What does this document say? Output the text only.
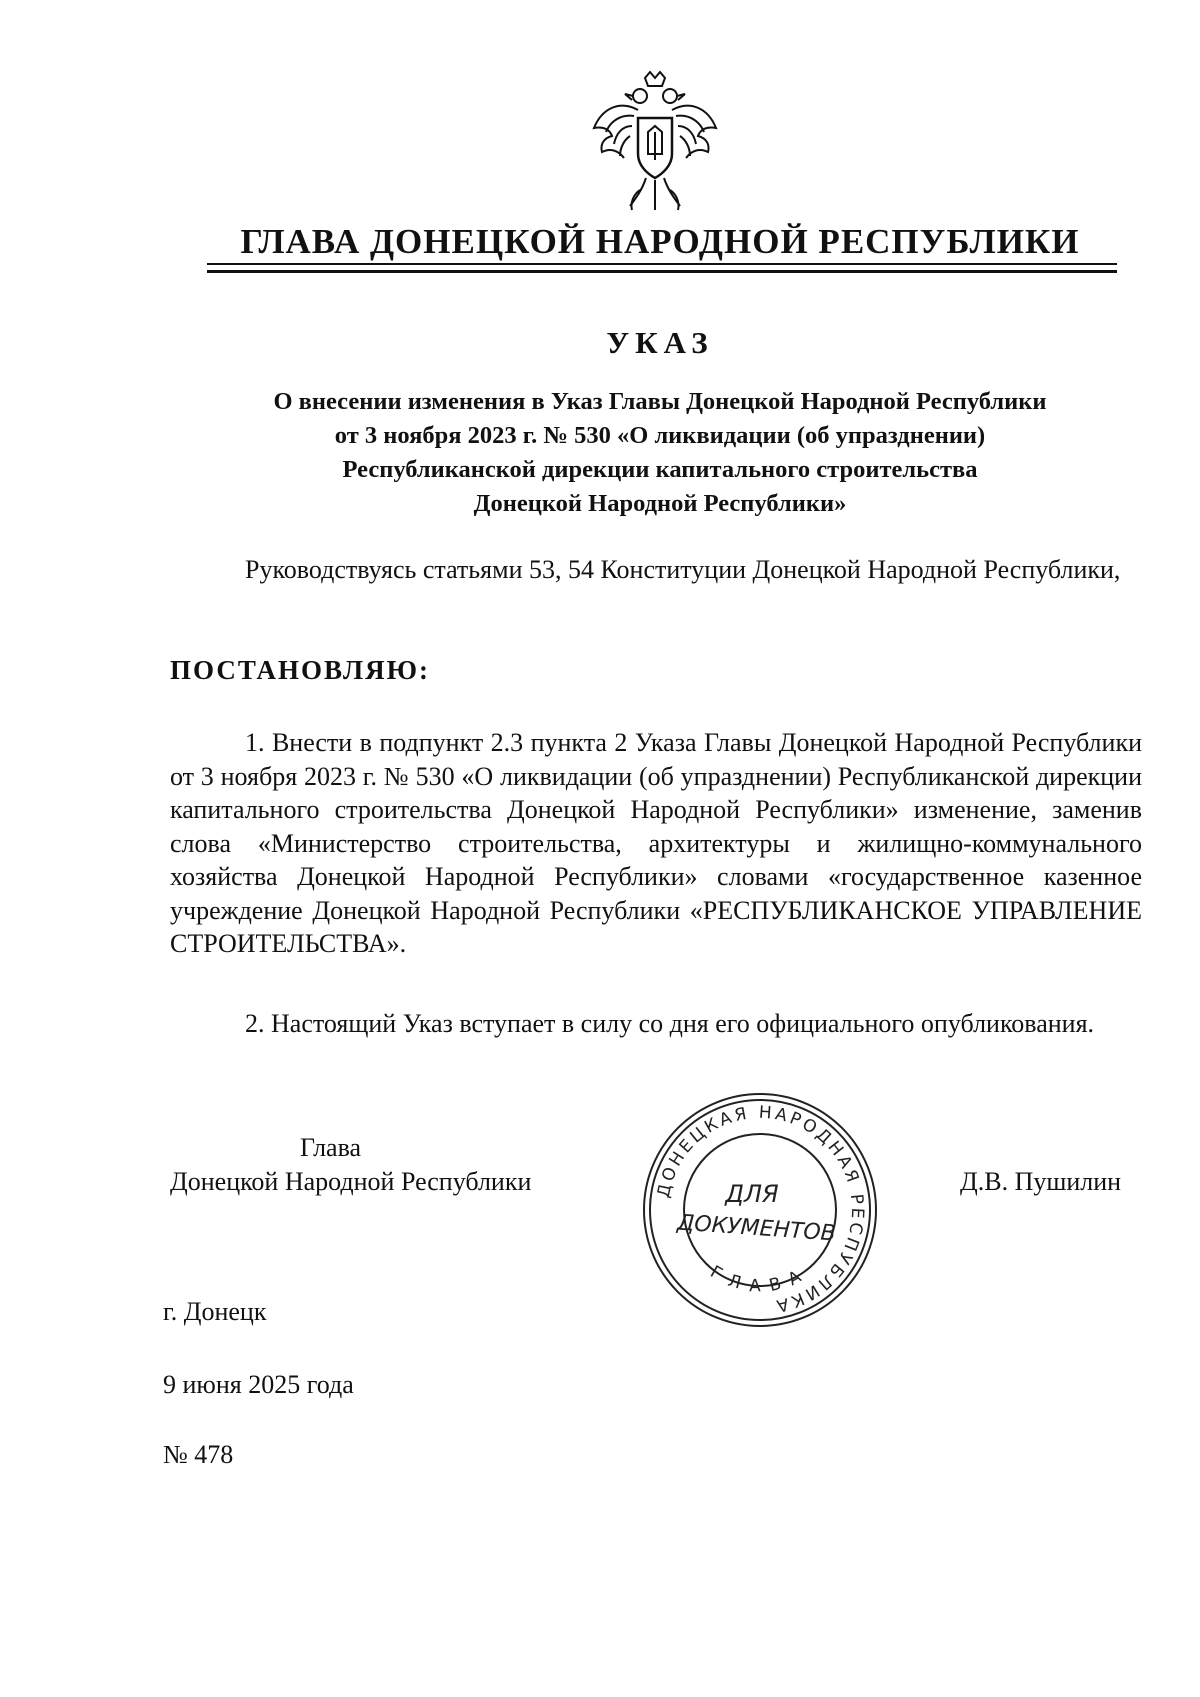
ГЛАВА ДОНЕЦКОЙ НАРОДНОЙ РЕСПУБЛИКИ
УКАЗ
О внесении изменения в Указ Главы Донецкой Народной Республики
от 3 ноября 2023 г. № 530 «О ликвидации (об упразднении)
Республиканской дирекции капитального строительства
Донецкой Народной Республики»
Руководствуясь статьями 53, 54 Конституции Донецкой Народной Республики,
ПОСТАНОВЛЯЮ:
1. Внести в подпункт 2.3 пункта 2 Указа Главы Донецкой Народной Республики от 3 ноября 2023 г. № 530 «О ликвидации (об упразднении) Республиканской дирекции капитального строительства Донецкой Народной Республики» изменение, заменив слова «Министерство строительства, архитектуры и жилищно-коммунального хозяйства Донецкой Народной Республики» словами «государственное казенное учреждение Донецкой Народной Республики «РЕСПУБЛИКАНСКОЕ УПРАВЛЕНИЕ СТРОИТЕЛЬСТВА».
2. Настоящий Указ вступает в силу со дня его официального опубликования.
Глава
Донецкой Народной Республики	Д.В. Пушилин
ДОНЕЦКАЯ НАРОДНАЯ РЕСПУБЛИКА
ГЛАВА
ДЛЯ
ДОКУМЕНТОВ
г. Донецк
9 июня 2025 года
№ 478
